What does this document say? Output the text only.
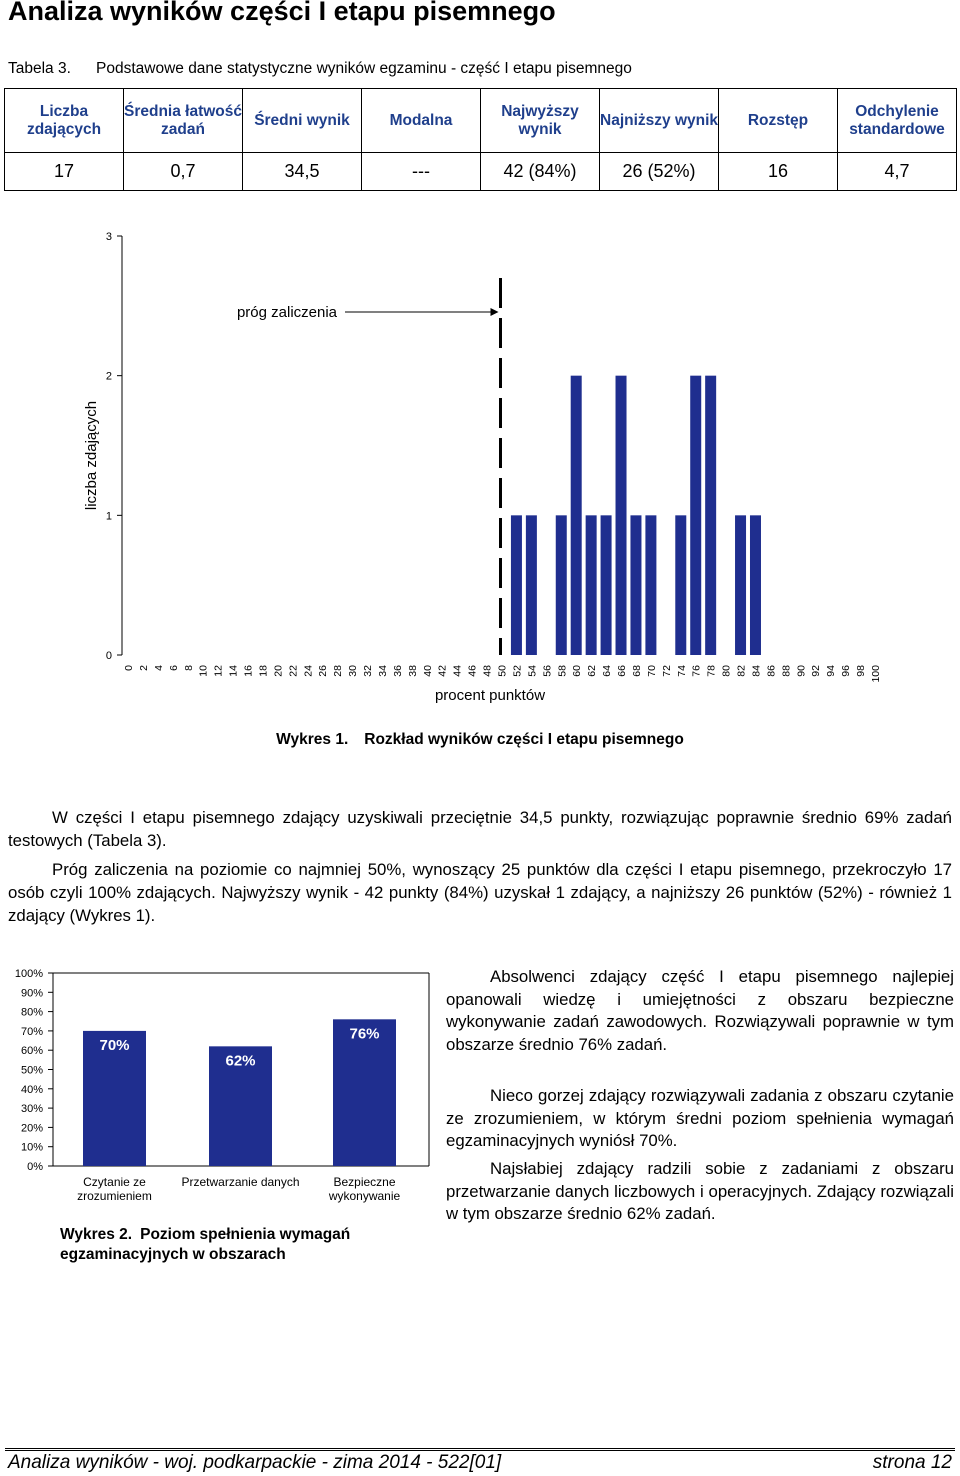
Analiza wyników części I etapu pisemnego
Tabela 3. Podstawowe dane statystyczne wyników egzaminu - część I etapu pisemnego
Liczba zdających	Średnia łatwość zadań	Średni wynik	Modalna	Najwyższy wynik	Najniższy wynik	Rozstęp	Odchylenie standardowe
17	0,7	34,5	---	42 (84%)	26 (52%)	16	4,7
0
1
2
3
liczba zdających
0 2 4 6 8 10 12 14 16 18 20 22 24 26 28 30 32 34 36 38 40 42 44 46 48 50 52 54 56 58 60 62 64 66 68 70 72 74 76 78 80 82 84 86 88 90 92 94 96 98 100
procent punktów
próg zaliczenia
Wykres 1. Rozkład wyników części I etapu pisemnego

W części I etapu pisemnego zdający uzyskiwali przeciętnie 34,5 punkty, rozwiązując poprawnie średnio 69% zadań testowych (Tabela 3).

Próg zaliczenia na poziomie co najmniej 50%, wynoszący 25 punktów dla części I etapu pisemnego, przekroczyło 17 osób czyli 100% zdających. Najwyższy wynik - 42 punkty (84%) uzyskał 1 zdający, a najniższy 26 punktów (52%) - również 1 zdający (Wykres 1).

0%
10%
20%
30%
40%
50%
60%
70%
80%
90%
100%
70%
Czytanie ze zrozumieniem
62%
Przetwarzanie danych
76%
Bezpieczne wykonywanie
Wykres 2. Poziom spełnienia wymagań egzaminacyjnych w obszarach

Absolwenci zdający część I etapu pisemnego najlepiej opanowali wiedzę i umiejętności z obszaru bezpieczne wykonywanie zadań zawodowych. Rozwiązywali poprawnie w tym obszarze średnio 76% zadań.

Nieco gorzej zdający rozwiązywali zadania z obszaru czytanie ze zrozumieniem, w którym średni poziom spełnienia wymagań egzaminacyjnych wyniósł 70%.

Najsłabiej zdający radzili sobie z zadaniami z obszaru przetwarzanie danych liczbowych i operacyjnych. Zdający rozwiązali w tym obszarze średnio 62% zadań.

Analiza wyników - woj. podkarpackie - zima 2014 - 522[01]	strona 12
